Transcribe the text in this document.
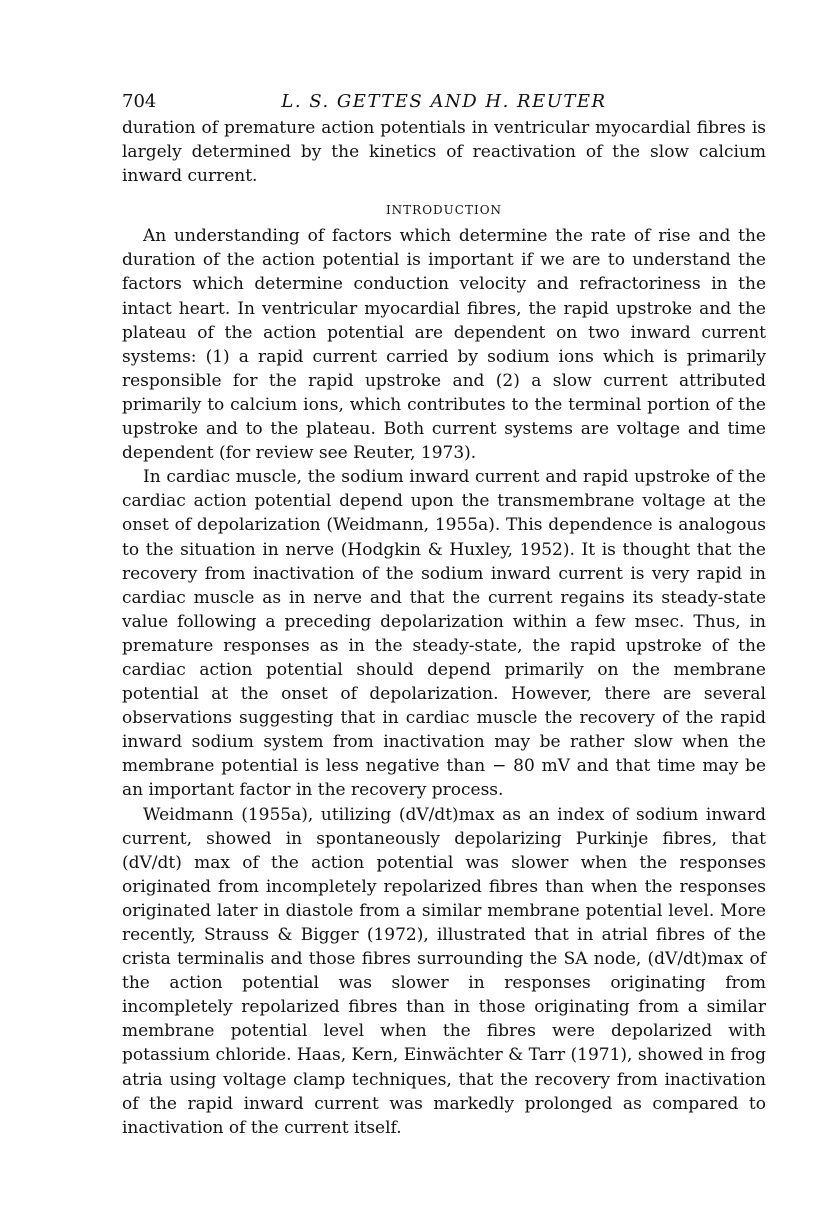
704	L. S. GETTES AND H. REUTER

duration of premature action potentials in ventricular myocardial fibres is largely determined by the kinetics of reactivation of the slow calcium inward current.

INTRODUCTION

An understanding of factors which determine the rate of rise and the duration of the action potential is important if we are to understand the factors which determine conduction velocity and refractoriness in the intact heart. In ventricular myocardial fibres, the rapid upstroke and the plateau of the action potential are dependent on two inward current systems: (1) a rapid current carried by sodium ions which is primarily responsible for the rapid upstroke and (2) a slow current attributed primarily to calcium ions, which contributes to the terminal portion of the upstroke and to the plateau. Both current systems are voltage and time dependent (for review see Reuter, 1973).

In cardiac muscle, the sodium inward current and rapid upstroke of the cardiac action potential depend upon the transmembrane voltage at the onset of depolarization (Weidmann, 1955a). This dependence is analogous to the situation in nerve (Hodgkin & Huxley, 1952). It is thought that the recovery from inactivation of the sodium inward current is very rapid in cardiac muscle as in nerve and that the current regains its steady-state value following a preceding depolarization within a few msec. Thus, in premature responses as in the steady-state, the rapid upstroke of the cardiac action potential should depend primarily on the membrane potential at the onset of depolarization. However, there are several observations suggesting that in cardiac muscle the recovery of the rapid inward sodium system from inactivation may be rather slow when the membrane potential is less negative than − 80 mV and that time may be an important factor in the recovery process.

Weidmann (1955a), utilizing (dV/dt)max as an index of sodium inward current, showed in spontaneously depolarizing Purkinje fibres, that (dV/dt) max of the action potential was slower when the responses originated from incompletely repolarized fibres than when the responses originated later in diastole from a similar membrane potential level. More recently, Strauss & Bigger (1972), illustrated that in atrial fibres of the crista terminalis and those fibres surrounding the SA node, (dV/dt)max of the action potential was slower in responses originating from incompletely repolarized fibres than in those originating from a similar membrane potential level when the fibres were depolarized with potassium chloride. Haas, Kern, Einwächter & Tarr (1971), showed in frog atria using voltage clamp techniques, that the recovery from inactivation of the rapid inward current was markedly prolonged as compared to inactivation of the current itself.
